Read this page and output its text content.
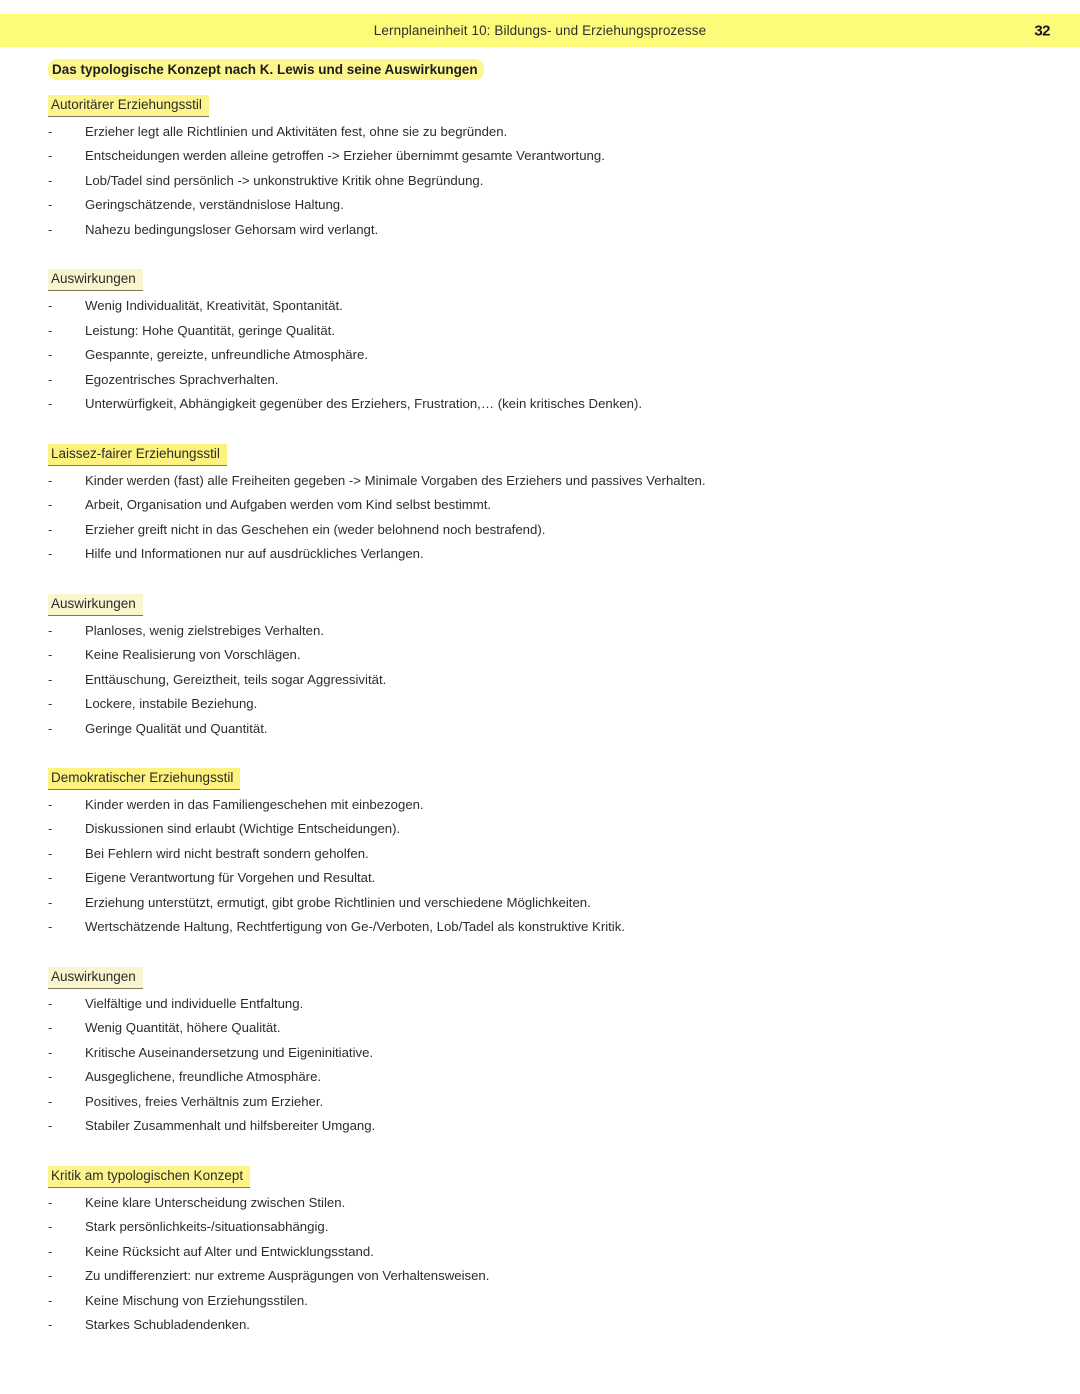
Lernplaneinheit 10: Bildungs- und Erziehungsprozesse	32
Das typologische Konzept nach K. Lewis und seine Auswirkungen
Autoritärer Erziehungsstil
-	Erzieher legt alle Richtlinien und Aktivitäten fest, ohne sie zu begründen.
-	Entscheidungen werden alleine getroffen -> Erzieher übernimmt gesamte Verantwortung.
-	Lob/Tadel sind persönlich -> unkonstruktive Kritik ohne Begründung.
-	Geringschätzende, verständnislose Haltung.
-	Nahezu bedingungsloser Gehorsam wird verlangt.
Auswirkungen
-	Wenig Individualität, Kreativität, Spontanität.
-	Leistung: Hohe Quantität, geringe Qualität.
-	Gespannte, gereizte, unfreundliche Atmosphäre.
-	Egozentrisches Sprachverhalten.
-	Unterwürfigkeit, Abhängigkeit gegenüber des Erziehers, Frustration,… (kein kritisches Denken).
Laissez-fairer Erziehungsstil
-	Kinder werden (fast) alle Freiheiten gegeben -> Minimale Vorgaben des Erziehers und passives Verhalten.
-	Arbeit, Organisation und Aufgaben werden vom Kind selbst bestimmt.
-	Erzieher greift nicht in das Geschehen ein (weder belohnend noch bestrafend).
-	Hilfe und Informationen nur auf ausdrückliches Verlangen.
Auswirkungen
-	Planloses, wenig zielstrebiges Verhalten.
-	Keine Realisierung von Vorschlägen.
-	Enttäuschung, Gereiztheit, teils sogar Aggressivität.
-	Lockere, instabile Beziehung.
-	Geringe Qualität und Quantität.
Demokratischer Erziehungsstil
-	Kinder werden in das Familiengeschehen mit einbezogen.
-	Diskussionen sind erlaubt (Wichtige Entscheidungen).
-	Bei Fehlern wird nicht bestraft sondern geholfen.
-	Eigene Verantwortung für Vorgehen und Resultat.
-	Erziehung unterstützt, ermutigt, gibt grobe Richtlinien und verschiedene Möglichkeiten.
-	Wertschätzende Haltung, Rechtfertigung von Ge-/Verboten, Lob/Tadel als konstruktive Kritik.
Auswirkungen
-	Vielfältige und individuelle Entfaltung.
-	Wenig Quantität, höhere Qualität.
-	Kritische Auseinandersetzung und Eigeninitiative.
-	Ausgeglichene, freundliche Atmosphäre.
-	Positives, freies Verhältnis zum Erzieher.
-	Stabiler Zusammenhalt und hilfsbereiter Umgang.
Kritik am typologischen Konzept
-	Keine klare Unterscheidung zwischen Stilen.
-	Stark persönlichkeits-/situationsabhängig.
-	Keine Rücksicht auf Alter und Entwicklungsstand.
-	Zu undifferenziert: nur extreme Ausprägungen von Verhaltensweisen.
-	Keine Mischung von Erziehungsstilen.
-	Starkes Schubladendenken.
